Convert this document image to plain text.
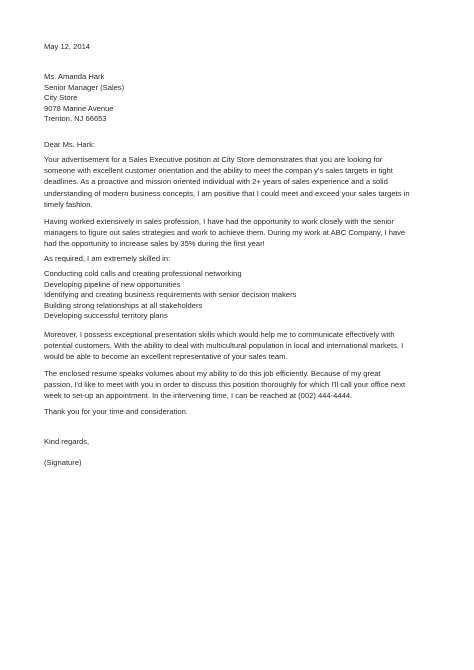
May 12, 2014
Ms. Amanda Hark
Senior Manager (Sales)
City Store
9078 Marine Avenue
Trenton, NJ 66653
Dear Ms. Hark:
Your advertisement for a Sales Executive position at City Store demonstrates that you are looking for
someone with excellent customer orientation and the ability to meet the compan y's sales targets in tight
deadlines. As a proactive and mission oriented individual with 2+ years of sales experience and a solid
understanding of modern business concepts, I am positive that I could meet and exceed your sales targets in
timely fashion.
Having worked extensively in sales profession, I have had the opportunity to work closely with the senior
managers to figure out sales strategies and work to achieve them. During my work at ABC Company, I have
had the opportunity to increase sales by 35% during the first year!
As required, I am extremely skilled in:
Conducting cold calls and creating professional networking
Developing pipeline of new opportunities
Identifying and creating business requirements with senior decision makers
Building strong relationships at all stakeholders
Developing successful territory plans
Moreover, I possess exceptional presentation skills which would help me to communicate effectively with
potential customers. With the ability to deal with multicultural population in local and international markets, I
would be able to become an excellent representative of your sales team.
The enclosed resume speaks volumes about my ability to do this job efficiently. Because of my great
passion, I'd like to meet with you in order to discuss this position thoroughly for which I'll call your office next
week to set-up an appointment. In the intervening time, I can be reached at (002) 444-4444.
Thank you for your time and consideration.
Kind regards,
(Signature)
